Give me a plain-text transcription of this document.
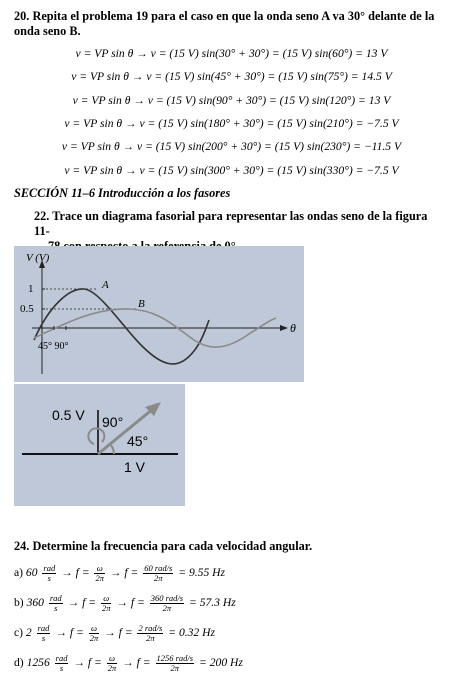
20. Repita el problema 19 para el caso en que la onda seno A va 30° delante de la onda seno B.
v = VP sin θ → v = (15 V) sin(30° + 30°) = (15 V) sin(60°) = 13 V
v = VP sin θ → v = (15 V) sin(45° + 30°) = (15 V) sin(75°) = 14.5 V
v = VP sin θ → v = (15 V) sin(90° + 30°) = (15 V) sin(120°) = 13 V
v = VP sin θ → v = (15 V) sin(180° + 30°) = (15 V) sin(210°) = −7.5 V
v = VP sin θ → v = (15 V) sin(200° + 30°) = (15 V) sin(230°) = −11.5 V
v = VP sin θ → v = (15 V) sin(300° + 30°) = (15 V) sin(330°) = −7.5 V
SECCIÓN 11–6 Introducción a los fasores
22. Trace un diagrama fasorial para representar las ondas seno de la figura 11-
V (V)
1
0.5
A
B
θ
45° 90°
0.5 V 90°
45°
1 V
24. Determine la frecuencia para cada velocidad angular.
a) $60 \frac{\text{rad}}{s} \to f = \frac{\omega}{2\pi} \to f = \frac{\text{60 rad/s}}{2\pi} = 9.55$ Hz
b) $360 \frac{\text{rad}}{s} \to f = \frac{\omega}{2\pi} \to f = \frac{\text{360 rad/s}}{2\pi} = 57.3$ Hz
c) $2 \frac{\text{rad}}{s} \to f = \frac{\omega}{2\pi} \to f = \frac{\text{2 rad/s}}{2\pi} = 0.32$ Hz
d) $1256 \frac{\text{rad}}{s} \to f = \frac{\omega}{2\pi} \to f = \frac{\text{1256 rad/s}}{2\pi} = 200$ Hz
